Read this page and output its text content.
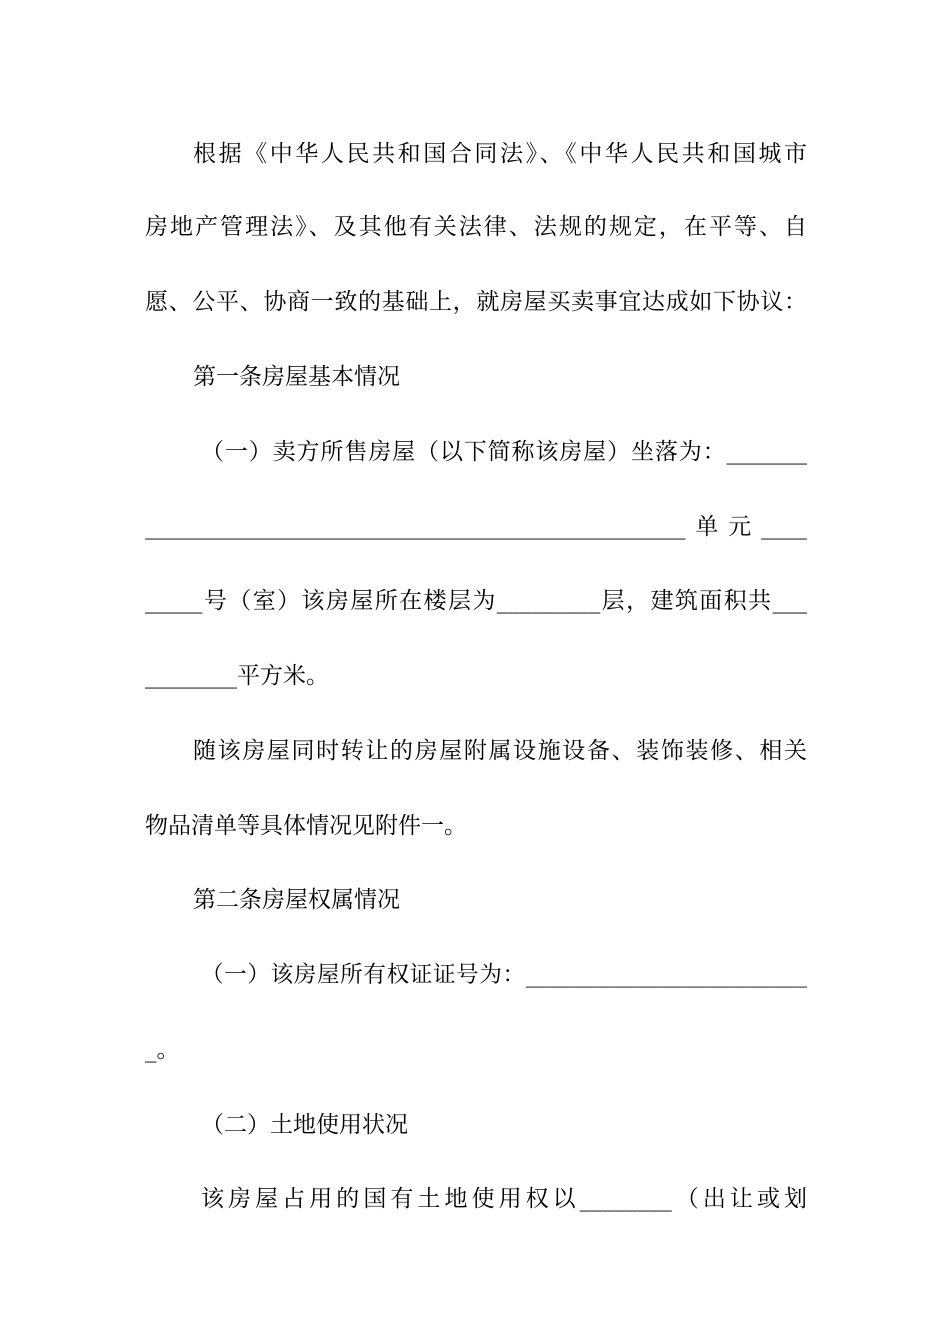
根据《中华人民共和国合同法》、《中华人民共和国城市
房地产管理法》、及其他有关法律、法规的规定，在平等、自
愿、公平、协商一致的基础上，就房屋买卖事宜达成如下协议：
第一条房屋基本情况
（一）卖方所售房屋（以下简称该房屋）坐落为：_______
_______________________________________________单元____
_____号（室）该房屋所在楼层为_________层，建筑面积共___
________平方米。
随该房屋同时转让的房屋附属设施设备、装饰装修、相关
物品清单等具体情况见附件一。
第二条房屋权属情况
（一）该房屋所有权证证号为：_________________________
_。
（二）土地使用状况
该房屋占用的国有土地使用权以________（出让或划
